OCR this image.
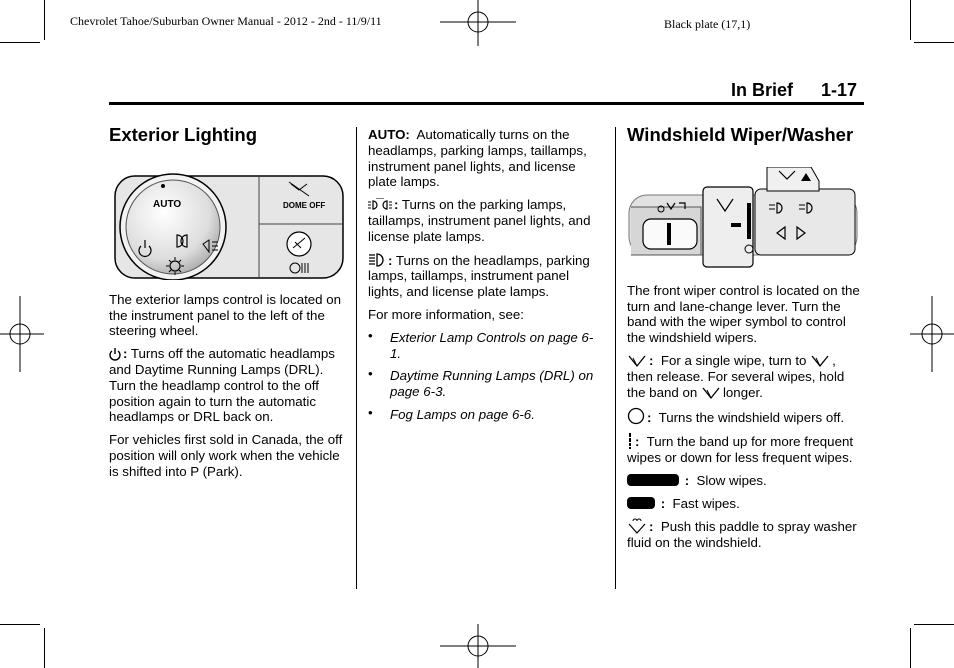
Chevrolet Tahoe/Suburban Owner Manual - 2012 - 2nd - 11/9/11	Black plate (17,1)
In Brief 1-17
Exterior Lighting
AUTO	DOME OFF

The exterior lamps control is located on the instrument panel to the left of the steering wheel.

: Turns off the automatic headlamps and Daytime Running Lamps (DRL). Turn the headlamp control to the off position again to turn the automatic headlamps or DRL back on.

For vehicles first sold in Canada, the off position will only work when the vehicle is shifted into P (Park).

AUTO: Automatically turns on the headlamps, parking lamps, taillamps, instrument panel lights, and license plate lamps.

: Turns on the parking lamps, taillamps, instrument panel lights, and license plate lamps.

: Turns on the headlamps, parking lamps, taillamps, instrument panel lights, and license plate lamps.

For more information, see:

• Exterior Lamp Controls on page 6-1.
• Daytime Running Lamps (DRL) on page 6-3.
• Fog Lamps on page 6-6.
Windshield Wiper/Washer

The front wiper control is located on the turn and lane-change lever. Turn the band with the wiper symbol to control the windshield wipers.

: For a single wipe, turn to , then release. For several wipes, hold the band on longer.

: Turns the windshield wipers off.

: Turn the band up for more frequent wipes or down for less frequent wipes.

: Slow wipes.

: Fast wipes.

: Push this paddle to spray washer fluid on the windshield.
